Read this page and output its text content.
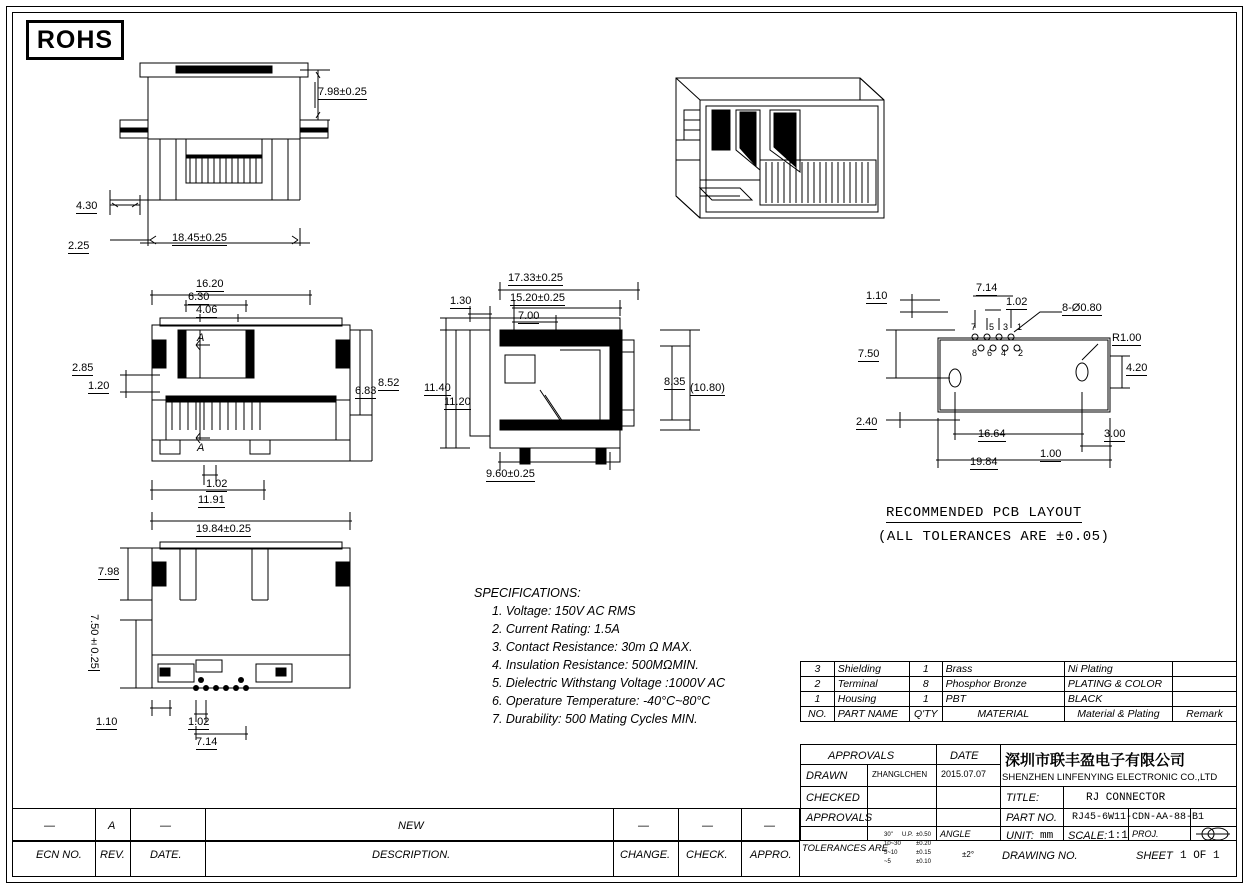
ROHS
7.98±0.25
4.30
2.25
18.45±0.25
16.20
6.30
4.06
2.85
1.20	6.83
8.52
1.02
11.91
19.84±0.25
A
A
17.33±0.25
15.20±0.25
7.00
1.30
11.40
11.20
8.35 (10.80)
9.60±0.25
7.98
7.50±0.25
1.10	1.02
7.14
7.14
1.02	8-Ø0.80
R1.00
1.10
7.50
4.20
2.40
16.64
1.00
3.00
19.84
7 5 3 1
8 6 4 2
RECOMMENDED PCB LAYOUT
(ALL TOLERANCES ARE ±0.05)
SPECIFICATIONS:
1. Voltage: 150V AC RMS
2. Current Rating: 1.5A
3. Contact Resistance: 30m Ω MAX.
4. Insulation Resistance: 500MΩMIN.
5. Dielectric Withstang Voltage :1000V AC
6. Operature Temperature: -40°C~80°C
7. Durability: 500 Mating Cycles MIN.
3	Shielding	1	Brass	Ni Plating	
2	Terminal	8	Phosphor Bronze	PLATING & COLOR	
1	Housing	1	PBT	BLACK	
NO.	PART NAME	Q'TY	MATERIAL	Material & Plating	Remark
APPROVALS	DATE
DRAWN	ZHANGLCHEN 2015.07.07
CHECKED
APPROVALS
深圳市联丰盈电子有限公司
SHENZHEN LINFENYING ELECTRONIC CO.,LTD
TITLE:	RJ CONNECTOR
PART NO. RJ45-6W11-CDN-AA-88-B1
UNIT: mm SCALE: 1:1 PROJ.
DRAWING NO.	SHEET 1 OF 1
ANGLE
TOLERANCES ARE
30" U.P. ±0.50
10~30	±0.20
5~10	±0.15
~5	±0.10
±2°
ECN NO. REV. DATE.	DESCRIPTION.	CHANGE. CHECK. APPRO.
—	A	—	NEW	—	—	—
